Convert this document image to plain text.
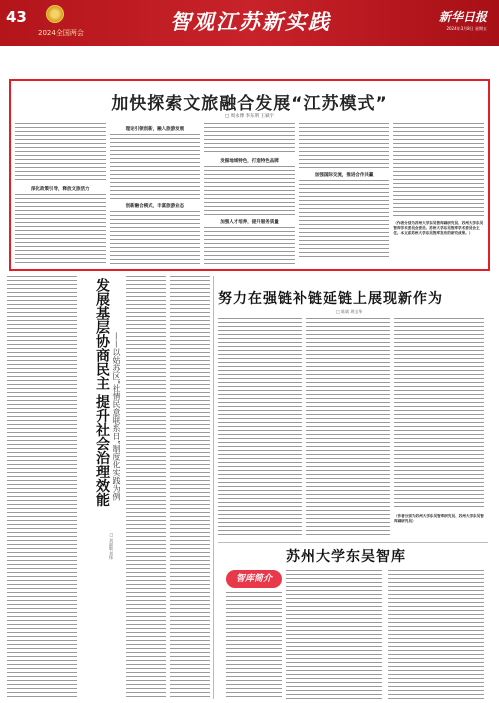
43
2024全国两会	智观江苏新实践	新华日报
2024年3月8日 星期五
加快探索文旅融合发展“江苏模式”
□ 周永博 李东明 王斌宇
深化政策引导，释放文旅活力
理论引领创新，融入旅游发展
创新融合模式，丰富旅游业态
发掘地域特色，打造特色品牌
加强人才培养，提升服务质量
加强国际交流，推进合作共赢
（作者分别为苏州大学东吴智库副研究员、苏州大学东吴智库学术委员会委员、苏州大学东吴智库学术委员会主任。本文系苏州大学东吴智库发布的研究成果。）
发展基层协商民主 提升社会治理效能 ——以姑苏区“社情民意联系日”制度化实践为例
□ 刘淑敏 刘锋
努力在强链补链延链上展现新作为
□ 陈斌 周宝华
（作者分别为苏州大学东吴智库研究员、苏州大学东吴智库副研究员）
苏州大学东吴智库
智库简介
